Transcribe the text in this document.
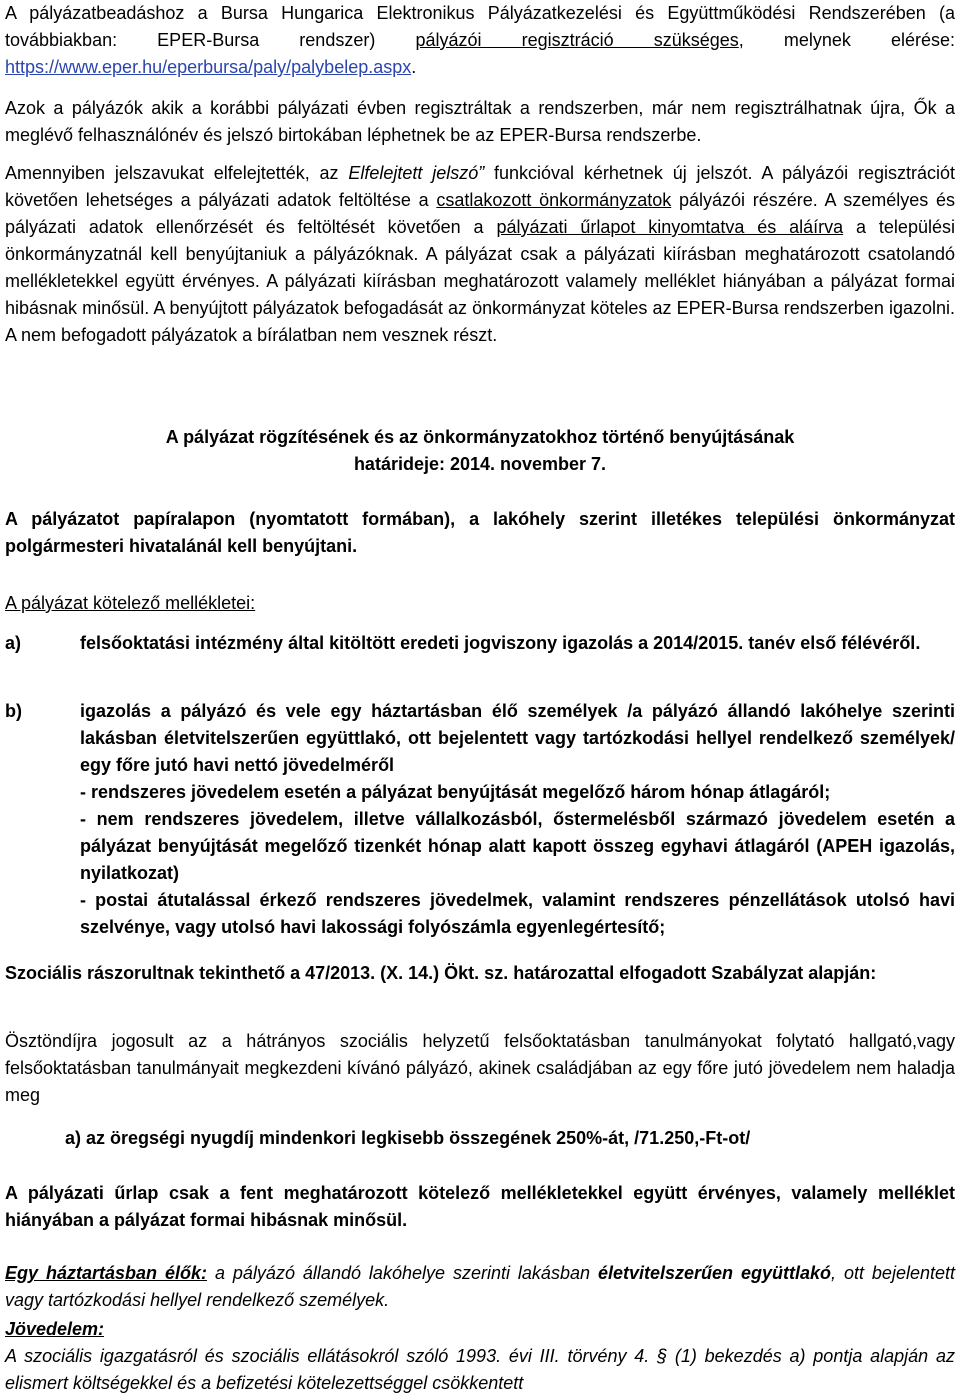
A pályázatbeadáshoz a Bursa Hungarica Elektronikus Pályázatkezelési és Együttműködési Rendszerében (a továbbiakban: EPER-Bursa rendszer) pályázói regisztráció szükséges, melynek elérése: https://www.eper.hu/eperbursa/paly/palybelep.aspx.

Azok a pályázók akik a korábbi pályázati évben regisztráltak a rendszerben, már nem regisztrálhatnak újra, Ők a meglévő felhasználónév és jelszó birtokában léphetnek be az EPER-Bursa rendszerbe.

Amennyiben jelszavukat elfelejtették, az Elfelejtett jelszó” funkcióval kérhetnek új jelszót. A pályázói regisztrációt követően lehetséges a pályázati adatok feltöltése a csatlakozott önkormányzatok pályázói részére. A személyes és pályázati adatok ellenőrzését és feltöltését követően a pályázati űrlapot kinyomtatva és aláírva a települési önkormányzatnál kell benyújtaniuk a pályázóknak. A pályázat csak a pályázati kiírásban meghatározott csatolandó mellékletekkel együtt érvényes. A pályázati kiírásban meghatározott valamely melléklet hiányában a pályázat formai hibásnak minősül. A benyújtott pályázatok befogadását az önkormányzat köteles az EPER-Bursa rendszerben igazolni. A nem befogadott pályázatok a bírálatban nem vesznek részt.

A pályázat rögzítésének és az önkormányzatokhoz történő benyújtásának
határideje: 2014. november 7.

A pályázatot papíralapon (nyomtatott formában), a lakóhely szerint illetékes települési önkormányzat polgármesteri hivatalánál kell benyújtani.

A pályázat kötelező mellékletei:

a)	felsőoktatási intézmény által kitöltött eredeti jogviszony igazolás a 2014/2015. tanév első félévéről.
b)	igazolás a pályázó és vele egy háztartásban élő személyek /a pályázó állandó lakóhelye szerinti lakásban életvitelszerűen együttlakó, ott bejelentett vagy tartózkodási hellyel rendelkező személyek/ egy főre jutó havi nettó jövedelméről
- rendszeres jövedelem esetén a pályázat benyújtását megelőző három hónap átlagáról;
- nem rendszeres jövedelem, illetve vállalkozásból, őstermelésből származó jövedelem esetén a pályázat benyújtását megelőző tizenkét hónap alatt kapott összeg egyhavi átlagáról (APEH igazolás, nyilatkozat)
- postai átutalással érkező rendszeres jövedelmek, valamint rendszeres pénzellátások utolsó havi szelvénye, vagy utolsó havi lakossági folyószámla egyenlegértesítő;

Szociális rászorultnak tekinthető a 47/2013. (X. 14.) Ökt. sz. határozattal elfogadott Szabályzat alapján:

Ösztöndíjra jogosult az a hátrányos szociális helyzetű felsőoktatásban tanulmányokat folytató hallgató,vagy felsőoktatásban tanulmányait megkezdeni kívánó pályázó, akinek családjában az egy főre jutó jövedelem nem haladja meg

a) az öregségi nyugdíj mindenkori legkisebb összegének 250%-át, /71.250,-Ft-ot/

A pályázati űrlap csak a fent meghatározott kötelező mellékletekkel együtt érvényes, valamely melléklet hiányában a pályázat formai hibásnak minősül.

Egy háztartásban élők: a pályázó állandó lakóhelye szerinti lakásban életvitelszerűen együttlakó, ott bejelentett vagy tartózkodási hellyel rendelkező személyek.

Jövedelem:
A szociális igazgatásról és szociális ellátásokról szóló 1993. évi III. törvény 4. § (1) bekezdés a) pontja alapján az elismert költségekkel és a befizetési kötelezettséggel csökkentett
